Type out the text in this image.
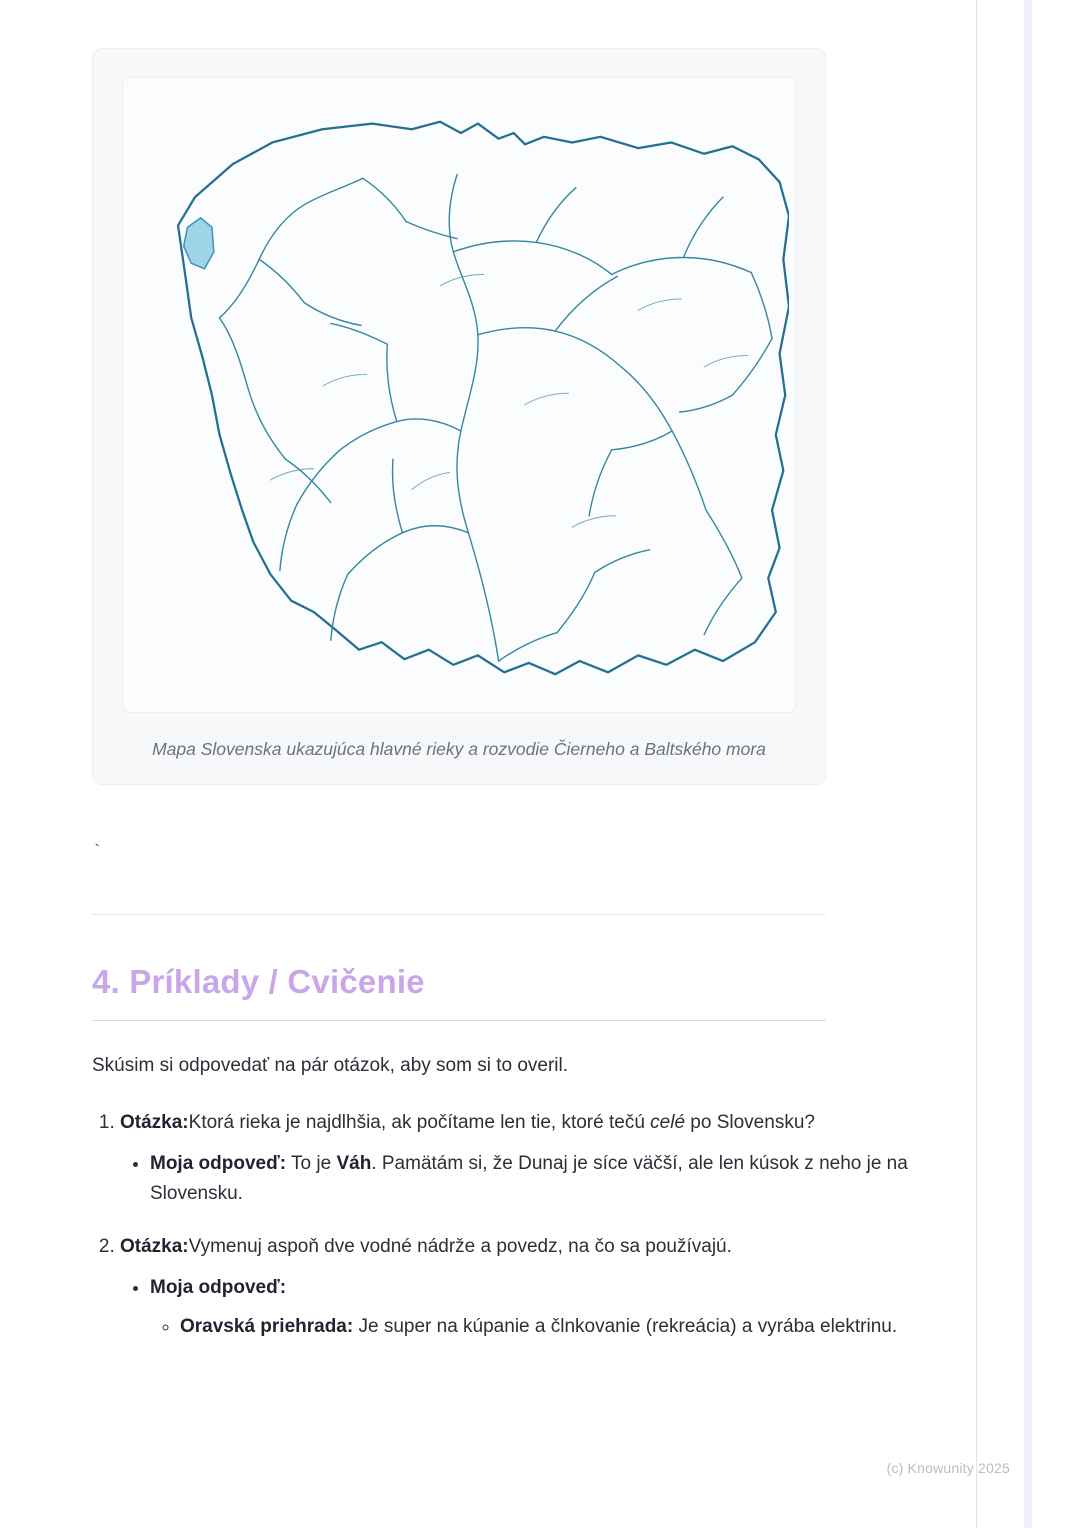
Mapa Slovenska ukazujúca hlavné rieky a rozvodie Čierneho a Baltského mora
`
4. Príklady / Cvičenie

Skúsim si odpovedať na pár otázok, aby som si to overil.

1. Otázka:Ktorá rieka je najdlhšia, ak počítame len tie, ktoré tečú celé po Slovensku?
• Moja odpoveď: To je Váh. Pamätám si, že Dunaj je síce väčší, ale len kúsok z neho je na Slovensku.
2. Otázka:Vymenuj aspoň dve vodné nádrže a povedz, na čo sa používajú.
• Moja odpoveď:
◦ Oravská priehrada: Je super na kúpanie a člnkovanie (rekreácia) a vyrába elektrinu.
(c) Knowunity 2025
